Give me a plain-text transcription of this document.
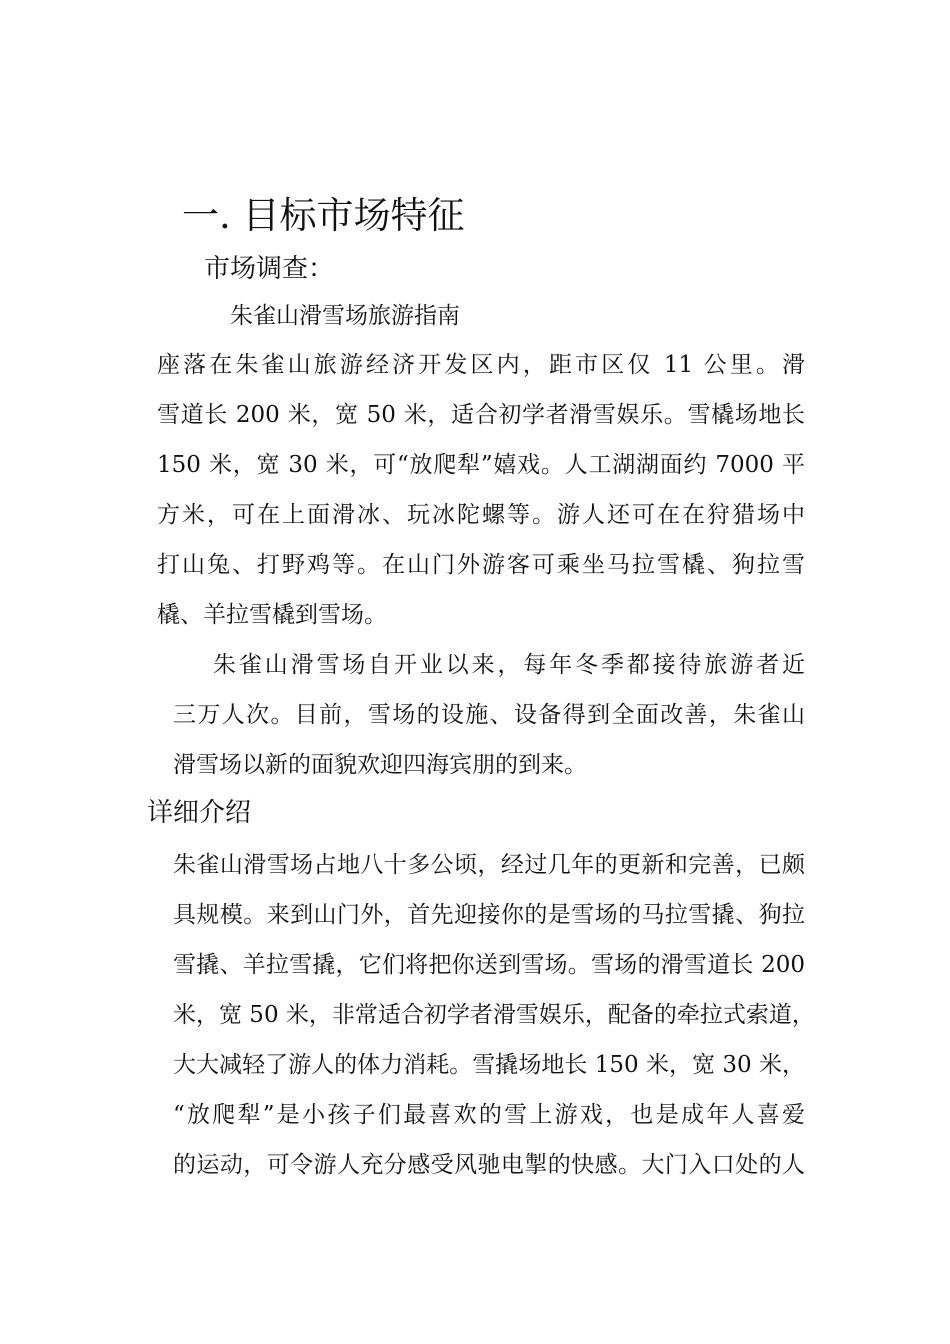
一. 目标市场特征
市场调查：
朱雀山滑雪场旅游指南
座落在朱雀山旅游经济开发区内，距市区仅 11 公里。滑
雪道长 200 米，宽 50 米，适合初学者滑雪娱乐。雪橇场地长
150 米，宽 30 米，可“放爬犁”嬉戏。人工湖湖面约 7000 平
方米，可在上面滑冰、玩冰陀螺等。游人还可在在狩猎场中
打山兔、打野鸡等。在山门外游客可乘坐马拉雪橇、狗拉雪
橇、羊拉雪橇到雪场。
朱雀山滑雪场自开业以来，每年冬季都接待旅游者近
三万人次。目前，雪场的设施、设备得到全面改善，朱雀山
滑雪场以新的面貌欢迎四海宾朋的到来。
详细介绍
朱雀山滑雪场占地八十多公顷，经过几年的更新和完善，已颇
具规模。来到山门外，首先迎接你的是雪场的马拉雪撬、狗拉
雪撬、羊拉雪撬，它们将把你送到雪场。雪场的滑雪道长 200
米，宽 50 米，非常适合初学者滑雪娱乐，配备的牵拉式索道，
大大减轻了游人的体力消耗。雪撬场地长 150 米，宽 30 米，
“放爬犁”是小孩子们最喜欢的雪上游戏，也是成年人喜爱
的运动，可令游人充分感受风驰电掣的快感。大门入口处的人
